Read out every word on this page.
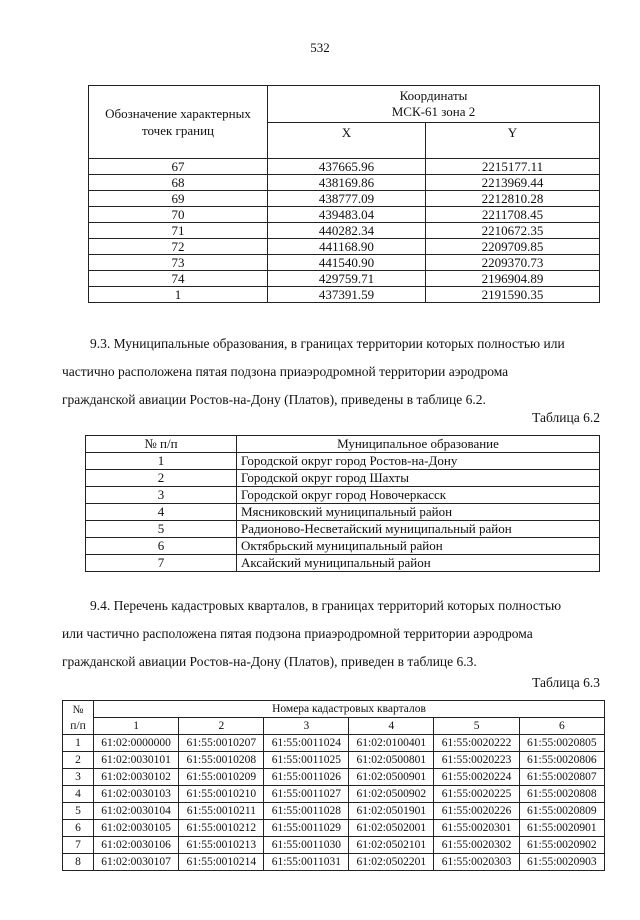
532
Обозначение характерных точек границ	Координаты
МСК-61 зона 2	

	X	Y
67	437665.96	2215177.11
68	438169.86	2213969.44
69	438777.09	2212810.28
70	439483.04	2211708.45
71	440282.34	2210672.35
72	441168.90	2209709.85
73	441540.90	2209370.73
74	429759.71	2196904.89
1	437391.59	2191590.35
9.3. Муниципальные образования, в границах территории которых полностью или
частично расположена пятая подзона приаэродромной территории аэродрома
гражданской авиации Ростов-на-Дону (Платов), приведены в таблице 6.2.
Таблица 6.2
№ п/п	Муниципальное образование
1	Городской округ город Ростов-на-Дону
2	Городской округ город Шахты
3	Городской округ город Новочеркасск
4	Мясниковский муниципальный район
5	Радионово-Несветайский муниципальный район
6	Октябрьский муниципальный район
7	Аксайский муниципальный район
9.4. Перечень кадастровых кварталов, в границах территорий которых полностью
или частично расположена пятая подзона приаэродромной территории аэродрома
гражданской авиации Ростов-на-Дону (Платов), приведен в таблице 6.3.
Таблица 6.3
№
п/п	Номера кадастровых кварталов					
	1	2	3	4	5	6
1	61:02:0000000	61:55:0010207	61:55:0011024	61:02:0100401	61:55:0020222	61:55:0020805
2	61:02:0030101	61:55:0010208	61:55:0011025	61:02:0500801	61:55:0020223	61:55:0020806
3	61:02:0030102	61:55:0010209	61:55:0011026	61:02:0500901	61:55:0020224	61:55:0020807
4	61:02:0030103	61:55:0010210	61:55:0011027	61:02:0500902	61:55:0020225	61:55:0020808
5	61:02:0030104	61:55:0010211	61:55:0011028	61:02:0501901	61:55:0020226	61:55:0020809
6	61:02:0030105	61:55:0010212	61:55:0011029	61:02:0502001	61:55:0020301	61:55:0020901
7	61:02:0030106	61:55:0010213	61:55:0011030	61:02:0502101	61:55:0020302	61:55:0020902
8	61:02:0030107	61:55:0010214	61:55:0011031	61:02:0502201	61:55:0020303	61:55:0020903
